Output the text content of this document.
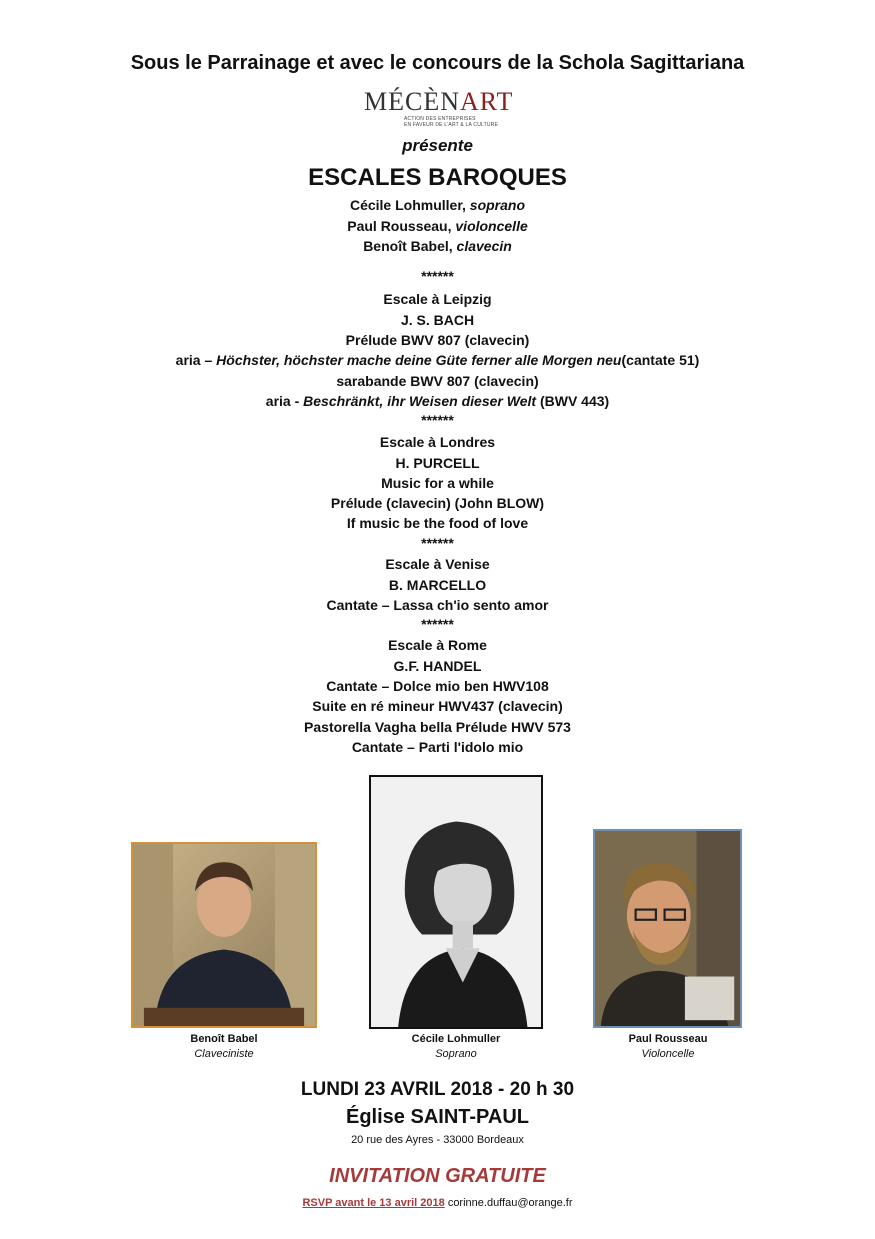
Sous le Parrainage et avec le concours de la Schola Sagittariana
MÉCÈNART
ACTION DES ENTREPRISES
EN FAVEUR DE L'ART & LA CULTURE
présente
ESCALES BAROQUES
Cécile Lohmuller, soprano
Paul Rousseau, violoncelle
Benoît Babel, clavecin
******
Escale à Leipzig
J. S. BACH
Prélude BWV 807 (clavecin)
aria – Höchster, höchster mache deine Güte ferner alle Morgen neu(cantate 51)
sarabande BWV 807 (clavecin)
aria - Beschränkt, ihr Weisen dieser Welt (BWV 443)
******
Escale à Londres
H. PURCELL
Music for a while
Prélude (clavecin) (John BLOW)
If music be the food of love
******
Escale à Venise
B. MARCELLO
Cantate – Lassa ch'io sento amor
******
Escale à Rome
G.F. HANDEL
Cantate – Dolce mio ben HWV108
Suite en ré mineur HWV437 (clavecin)
Pastorella Vagha bella Prélude HWV 573
Cantate – Parti l'idolo mio
Benoît Babel
Claveciniste
Cécile Lohmuller
Soprano
Paul Rousseau
Violoncelle
LUNDI 23 AVRIL 2018 - 20 h 30
Église SAINT-PAUL
20 rue des Ayres - 33000 Bordeaux
INVITATION GRATUITE
RSVP avant le 13 avril 2018 corinne.duffau@orange.fr
